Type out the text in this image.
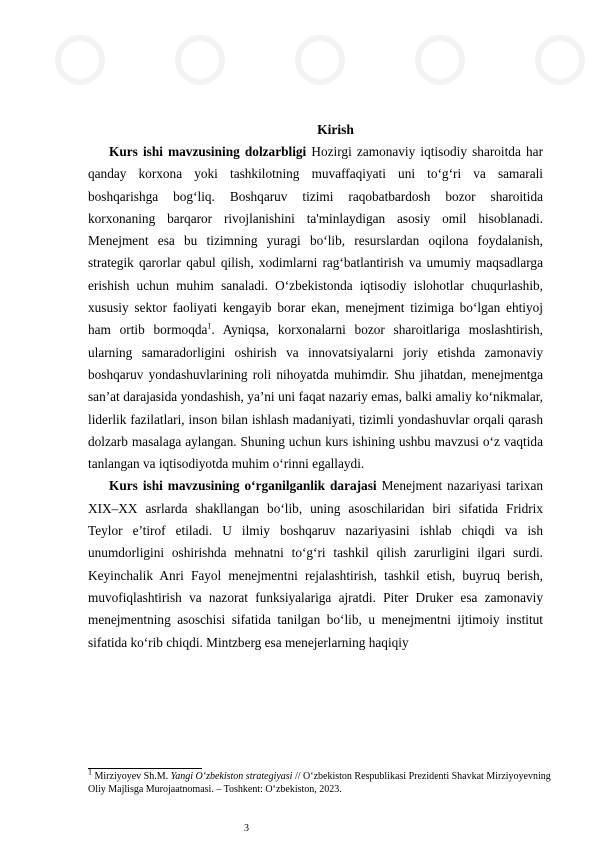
Kirish

Kurs ishi mavzusining dolzarbligi Hozirgi zamonaviy iqtisodiy sharoitda har qanday korxona yoki tashkilotning muvaffaqiyati uni to‘g‘ri va samarali boshqarishga bog‘liq. Boshqaruv tizimi raqobatbardosh bozor sharoitida korxonaning barqaror rivojlanishini ta'minlaydigan asosiy omil hisoblanadi. Menejment esa bu tizimning yuragi bo‘lib, resurslardan oqilona foydalanish, strategik qarorlar qabul qilish, xodimlarni rag‘batlantirish va umumiy maqsadlarga erishish uchun muhim sanaladi. O‘zbekistonda iqtisodiy islohotlar chuqurlashib, xususiy sektor faoliyati kengayib borar ekan, menejment tizimiga bo‘lgan ehtiyoj ham ortib bormoqda$^1$. Ayniqsa, korxonalarni bozor sharoitlariga moslashtirish, ularning samaradorligini oshirish va innovatsiyalarni joriy etishda zamonaviy boshqaruv yondashuvlarining roli nihoyatda muhimdir. Shu jihatdan, menejmentga san’at darajasida yondashish, ya’ni uni faqat nazariy emas, balki amaliy ko‘nikmalar, liderlik fazilatlari, inson bilan ishlash madaniyati, tizimli yondashuvlar orqali qarash dolzarb masalaga aylangan. Shuning uchun kurs ishining ushbu mavzusi o‘z vaqtida tanlangan va iqtisodiyotda muhim o‘rinni egallaydi.

Kurs ishi mavzusining o‘rganilganlik darajasi Menejment nazariyasi tarixan XIX–XX asrlarda shakllangan bo‘lib, uning asoschilaridan biri sifatida Fridrix Teylor e’tirof etiladi. U ilmiy boshqaruv nazariyasini ishlab chiqdi va ish unumdorligini oshirishda mehnatni to‘g‘ri tashkil qilish zarurligini ilgari surdi. Keyinchalik Anri Fayol menejmentni rejalashtirish, tashkil etish, buyruq berish, muvofiqlashtirish va nazorat funksiyalariga ajratdi. Piter Druker esa zamonaviy menejmentning asoschisi sifatida tanilgan bo‘lib, u menejmentni ijtimoiy institut sifatida ko‘rib chiqdi. Mintzberg esa menejerlarning haqiqiy

$^1$ Mirziyoyev Sh.M. Yangi O‘zbekiston strategiyasi // O‘zbekiston Respublikasi Prezidenti Shavkat Mirziyoyevning Oliy Majlisga Murojaatnomasi. – Toshkent: O‘zbekiston, 2023.
3
